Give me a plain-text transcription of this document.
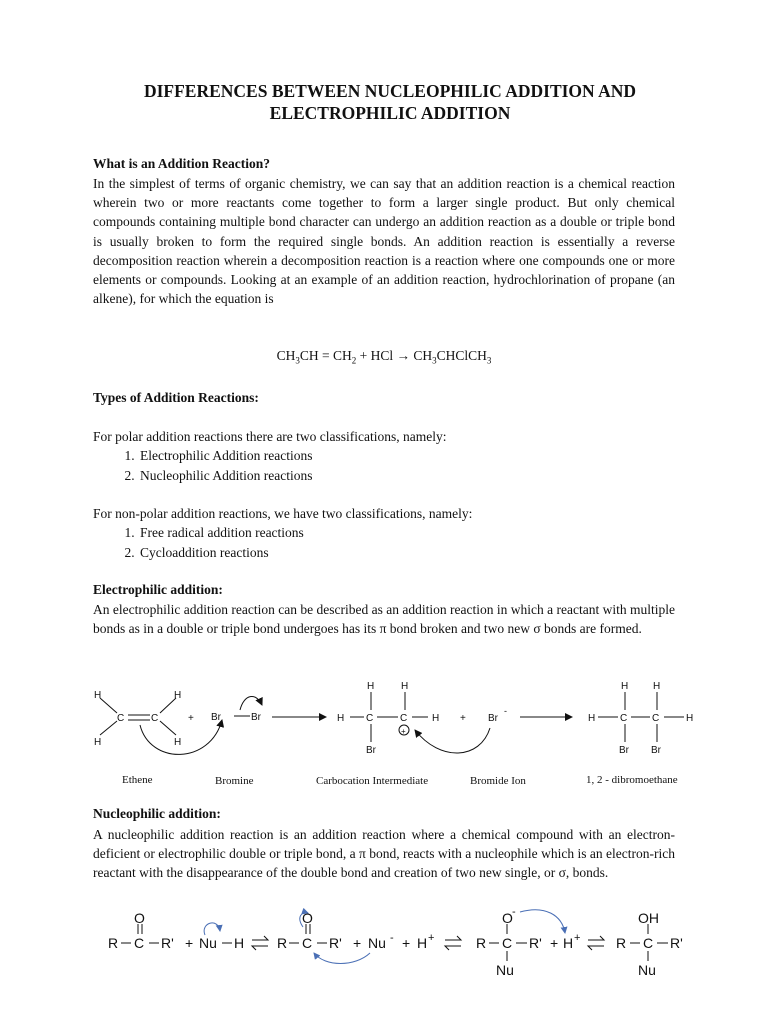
DIFFERENCES BETWEEN NUCLEOPHILIC ADDITION AND ELECTROPHILIC ADDITION
What is an Addition Reaction?
In the simplest of terms of organic chemistry, we can say that an addition reaction is a chemical reaction wherein two or more reactants come together to form a larger single product. But only chemical compounds containing multiple bond character can undergo an addition reaction as a double or triple bond is usually broken to form the required single bonds. An addition reaction is essentially a reverse decomposition reaction wherein a decomposition reaction is a reaction where one compounds one or more elements or compounds. Looking at an example of an addition reaction, hydrochlorination of propane (an alkene), for which the equation is
$CH_3CH = CH_2$ + HCl → $CH_3CHClCH_3$
Types of Addition Reactions:
For polar addition reactions there are two classifications, namely:
1. Electrophilic Addition reactions
2. Nucleophilic Addition reactions
For non-polar addition reactions, we have two classifications, namely:
1. Free radical addition reactions
2. Cycloaddition reactions
Electrophilic addition:
An electrophilic addition reaction can be described as an addition reaction in which a reactant with multiple bonds as in a double or triple bond undergoes has its π bond broken and two new σ bonds are formed.
H	H
C	C
H	H
+ Br	Br
H	H
H C	C H
Br
+
+ Br
-
H H
H C C	H
Br Br
Ethene	Bromine	Carbocation Intermediate	Bromide Ion	1, 2 - dibromoethane
Nucleophilic addition:
A nucleophilic addition reaction is an addition reaction where a chemical compound with an electron-deficient or electrophilic double or triple bond, a π bond, reacts with a nucleophile which is an electron-rich reactant with the disappearance of the double bond and creation of two new single, or σ, bonds.
O
R C R' + Nu H
O
R C R' + Nu - + H +
O -
R C R'
Nu
+ H +
OH
R C R'
Nu
